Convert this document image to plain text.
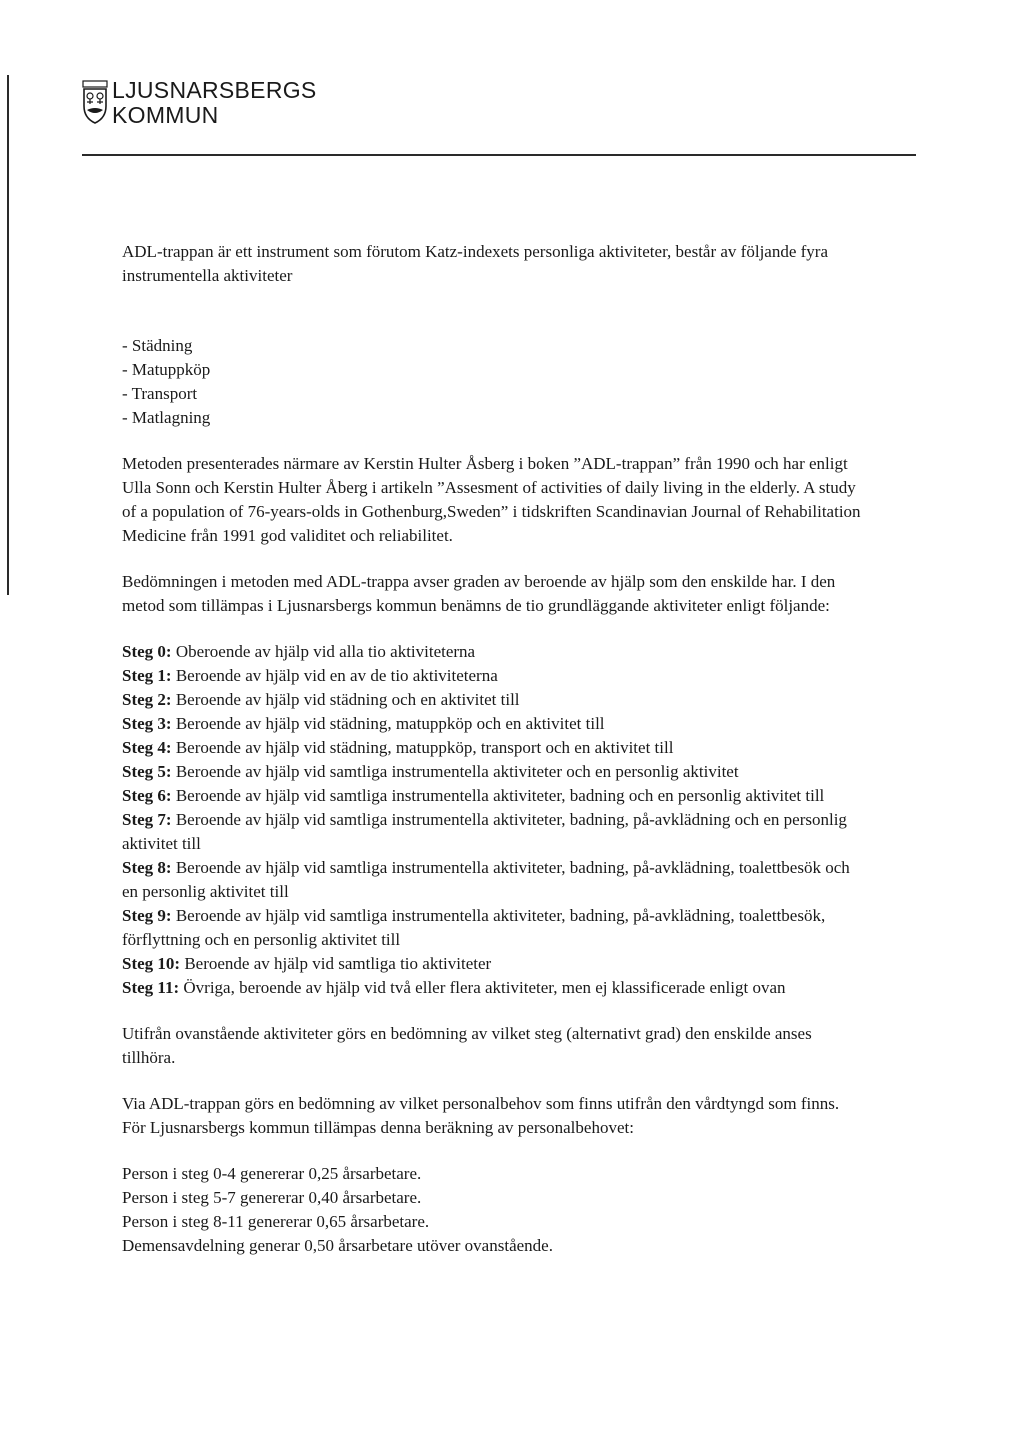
LJUSNARSBERGS
KOMMUN

ADL-trappan är ett instrument som förutom Katz-indexets personliga aktiviteter, består av följande fyra instrumentella aktiviteter

- Städning
- Matuppköp
- Transport
- Matlagning

Metoden presenterades närmare av Kerstin Hulter Åsberg i boken ”ADL-trappan” från 1990 och har enligt Ulla Sonn och Kerstin Hulter Åberg i artikeln ”Assesment of activities of daily living in the elderly. A study of a population of 76-years-olds in Gothenburg,Sweden” i tidskriften Scandinavian Journal of Rehabilitation Medicine från 1991 god validitet och reliabilitet.

Bedömningen i metoden med ADL-trappa avser graden av beroende av hjälp som den enskilde har. I den metod som tillämpas i Ljusnarsbergs kommun benämns de tio grundläggande aktiviteter enligt följande:

Steg 0: Oberoende av hjälp vid alla tio aktiviteterna
Steg 1: Beroende av hjälp vid en av de tio aktiviteterna
Steg 2: Beroende av hjälp vid städning och en aktivitet till
Steg 3: Beroende av hjälp vid städning, matuppköp och en aktivitet till
Steg 4: Beroende av hjälp vid städning, matuppköp, transport och en aktivitet till
Steg 5: Beroende av hjälp vid samtliga instrumentella aktiviteter och en personlig aktivitet
Steg 6: Beroende av hjälp vid samtliga instrumentella aktiviteter, badning och en personlig aktivitet till
Steg 7: Beroende av hjälp vid samtliga instrumentella aktiviteter, badning, på-avklädning och en personlig aktivitet till
Steg 8: Beroende av hjälp vid samtliga instrumentella aktiviteter, badning, på-avklädning, toalettbesök och en personlig aktivitet till
Steg 9: Beroende av hjälp vid samtliga instrumentella aktiviteter, badning, på-avklädning, toalettbesök, förflyttning och en personlig aktivitet till
Steg 10: Beroende av hjälp vid samtliga tio aktiviteter
Steg 11: Övriga, beroende av hjälp vid två eller flera aktiviteter, men ej klassificerade enligt ovan

Utifrån ovanstående aktiviteter görs en bedömning av vilket steg (alternativt grad) den enskilde anses tillhöra.

Via ADL-trappan görs en bedömning av vilket personalbehov som finns utifrån den vårdtyngd som finns. För Ljusnarsbergs kommun tillämpas denna beräkning av personalbehovet:

Person i steg 0-4 genererar 0,25 årsarbetare.
Person i steg 5-7 genererar 0,40 årsarbetare.
Person i steg 8-11 genererar 0,65 årsarbetare.
Demensavdelning generar 0,50 årsarbetare utöver ovanstående.
